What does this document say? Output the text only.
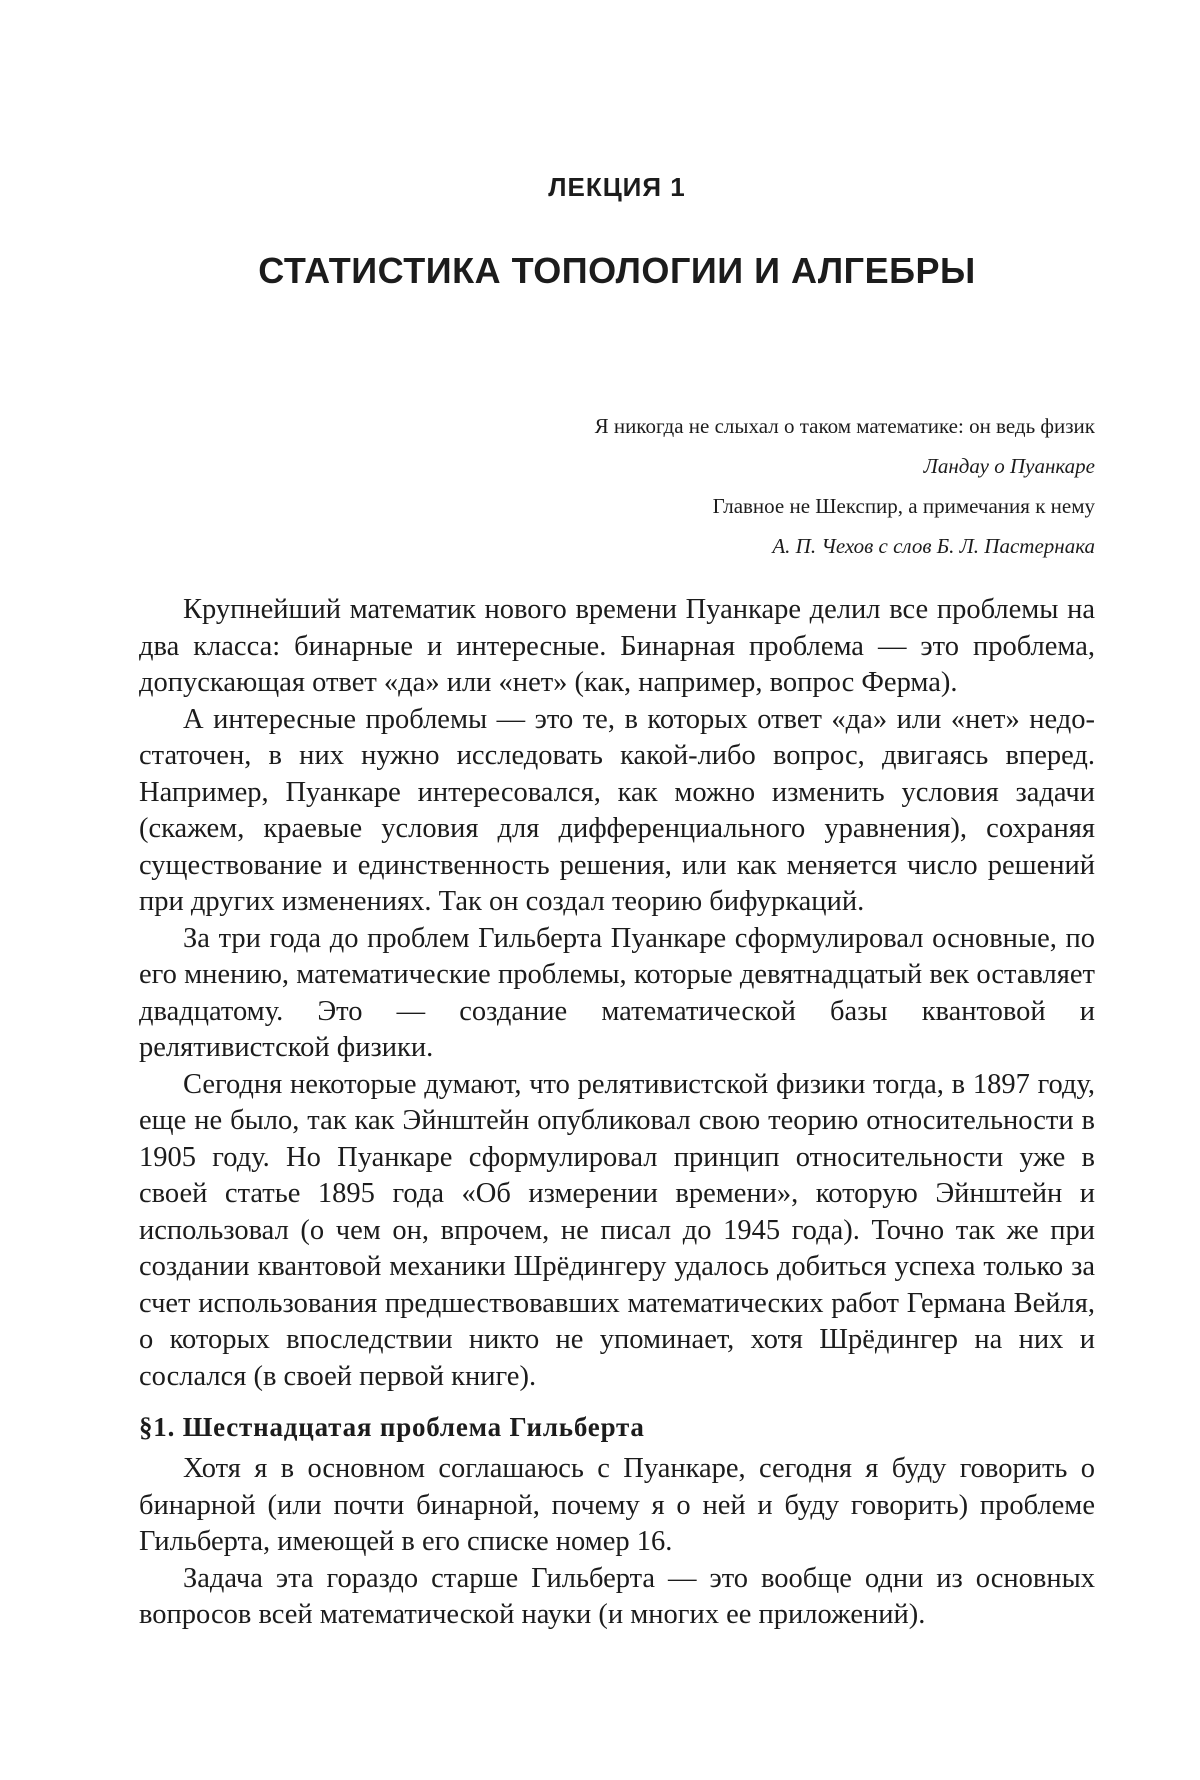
ЛЕКЦИЯ 1
СТАТИСТИКА ТОПОЛОГИИ И АЛГЕБРЫ
Я никогда не слыхал о таком математике: он ведь физик
Ландау о Пуанкаре
Главное не Шекспир, а примечания к нему
А. П. Чехов с слов Б. Л. Пастернака

Крупнейший математик нового времени Пуанкаре делил все проблемы на два класса: бинарные и интересные. Бинарная проблема — это проблема, допускающая ответ «да» или «нет» (как, например, вопрос Ферма).

А интересные проблемы — это те, в которых ответ «да» или «нет» недостаточен, в них нужно исследовать какой-либо вопрос, двигаясь вперед. Например, Пуанкаре интересовался, как можно изменить условия задачи (скажем, краевые условия для дифференциального уравнения), сохраняя существование и единственность решения, или как меняется число решений при других изменениях. Так он создал теорию бифуркаций.

За три года до проблем Гильберта Пуанкаре сформулировал основные, по его мнению, математические проблемы, которые девятнадцатый век оставляет двадцатому. Это — создание математической базы квантовой и релятивистской физики.

Сегодня некоторые думают, что релятивистской физики тогда, в 1897 году, еще не было, так как Эйнштейн опубликовал свою теорию относительности в 1905 году. Но Пуанкаре сформулировал принцип относительности уже в своей статье 1895 года «Об измерении времени», которую Эйнштейн и использовал (о чем он, впрочем, не писал до 1945 года). Точно так же при создании квантовой механики Шрёдингеру удалось добиться успеха только за счет использования предшествовавших математических работ Германа Вейля, о которых впоследствии никто не упоминает, хотя Шрёдингер на них и сослался (в своей первой книге).

§1. Шестнадцатая проблема Гильберта

Хотя я в основном соглашаюсь с Пуанкаре, сегодня я буду говорить о бинарной (или почти бинарной, почему я о ней и буду говорить) проблеме Гильберта, имеющей в его списке номер 16.

Задача эта гораздо старше Гильберта — это вообще одни из основных вопросов всей математической науки (и многих ее приложений).
